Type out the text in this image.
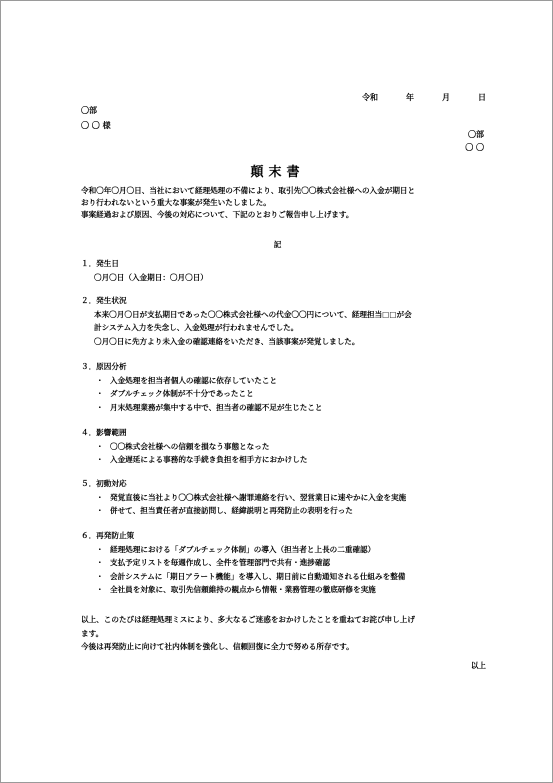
令和	年	月	日
〇部
〇 〇 様
〇部
〇 〇
顛末書
令和〇年〇月〇日、当社において経理処理の不備により、取引先〇〇株式会社様への入金が期日と
おり行われないという重大な事案が発生いたしました。
事案経過および原因、今後の対応について、下記のとおりご報告申し上げます。
記
１．発生日
〇月〇日（入金期日：〇月〇日）
２．発生状況
本来〇月〇日が支払期日であった〇〇株式会社様への代金〇〇円について、経理担当□□が会
計システム入力を失念し、入金処理が行われませんでした。
〇月〇日に先方より未入金の確認連絡をいただき、当該事案が発覚しました。
３．原因分析
・ 入金処理を担当者個人の確認に依存していたこと
・ ダブルチェック体制が不十分であったこと
・ 月末処理業務が集中する中で、担当者の確認不足が生じたこと
４．影響範囲
・ 〇〇株式会社様への信頼を損なう事態となった
・ 入金遅延による事務的な手続き負担を相手方におかけした
５．初動対応
・ 発覚直後に当社より〇〇株式会社様へ謝罪連絡を行い、翌営業日に速やかに入金を実施
・ 併せて、担当責任者が直接訪問し、経緯説明と再発防止の表明を行った
６．再発防止策
・ 経理処理における「ダブルチェック体制」の導入（担当者と上長の二重確認）
・ 支払予定リストを毎週作成し、全件を管理部門で共有・進捗確認
・ 会計システムに「期日アラート機能」を導入し、期日前に自動通知される仕組みを整備
・ 全社員を対象に、取引先信頼維持の観点から情報・業務管理の徹底研修を実施
以上、このたびは経理処理ミスにより、多大なるご迷惑をおかけしたことを重ねてお詫び申し上げ
ます。
今後は再発防止に向けて社内体制を強化し、信頼回復に全力で努める所存です。
以上
